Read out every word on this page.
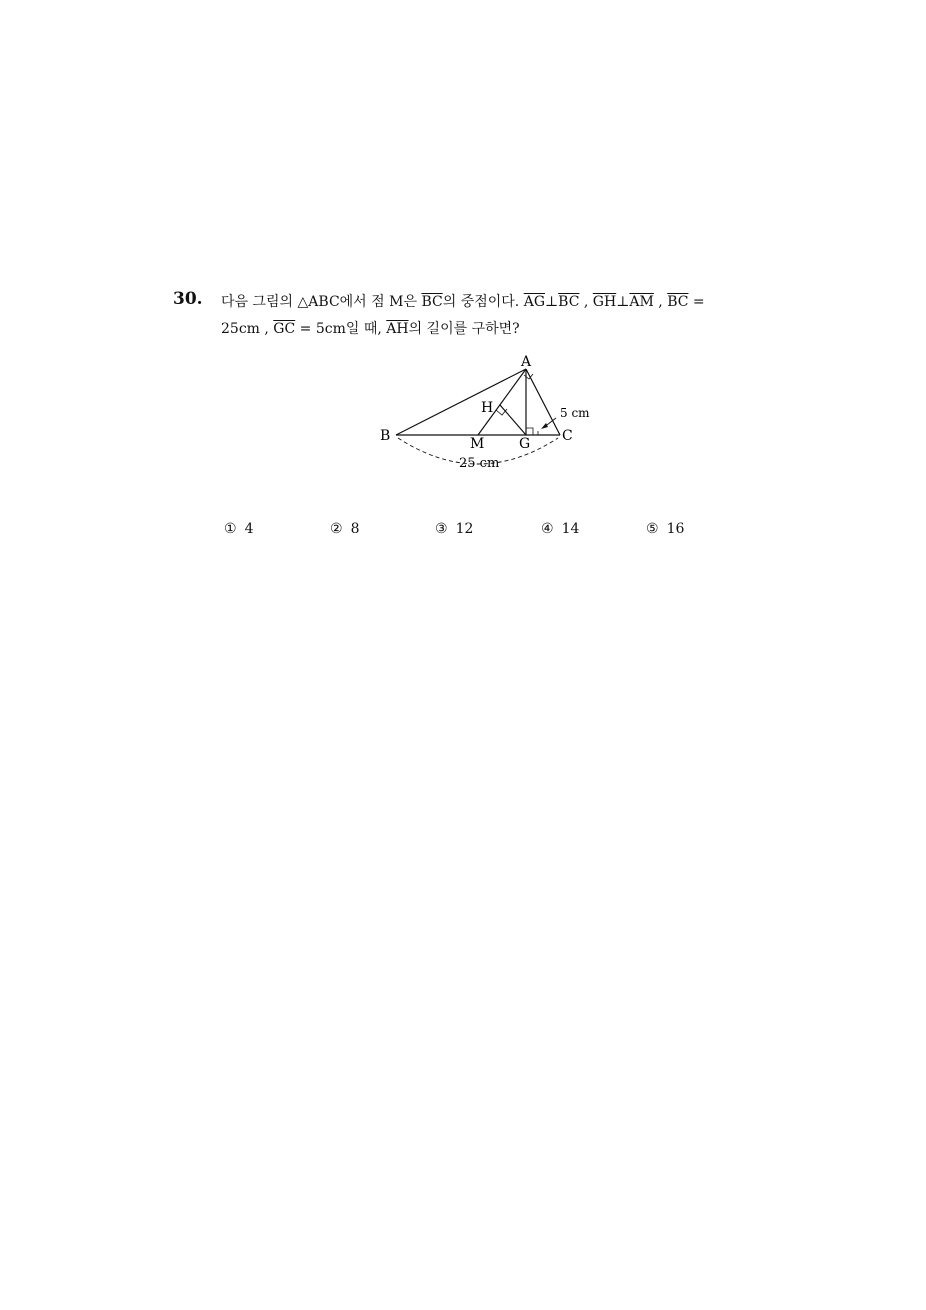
30. 다음 그림의 △ABC에서 점 M은 $\overline{BC}$의 중점이다. $\overline{AG}\perp\overline{BC}$ , $\overline{GH}\perp\overline{AM}$ , $\overline{BC}$ =
25cm , $\overline{GC} = 5cm$일 때, $\overline{AH}$의 길이를 구하면?
A
B	C
M G
H
25 cm
5 cm
① 4	② 8	③ 12	④ 14	⑤ 16
